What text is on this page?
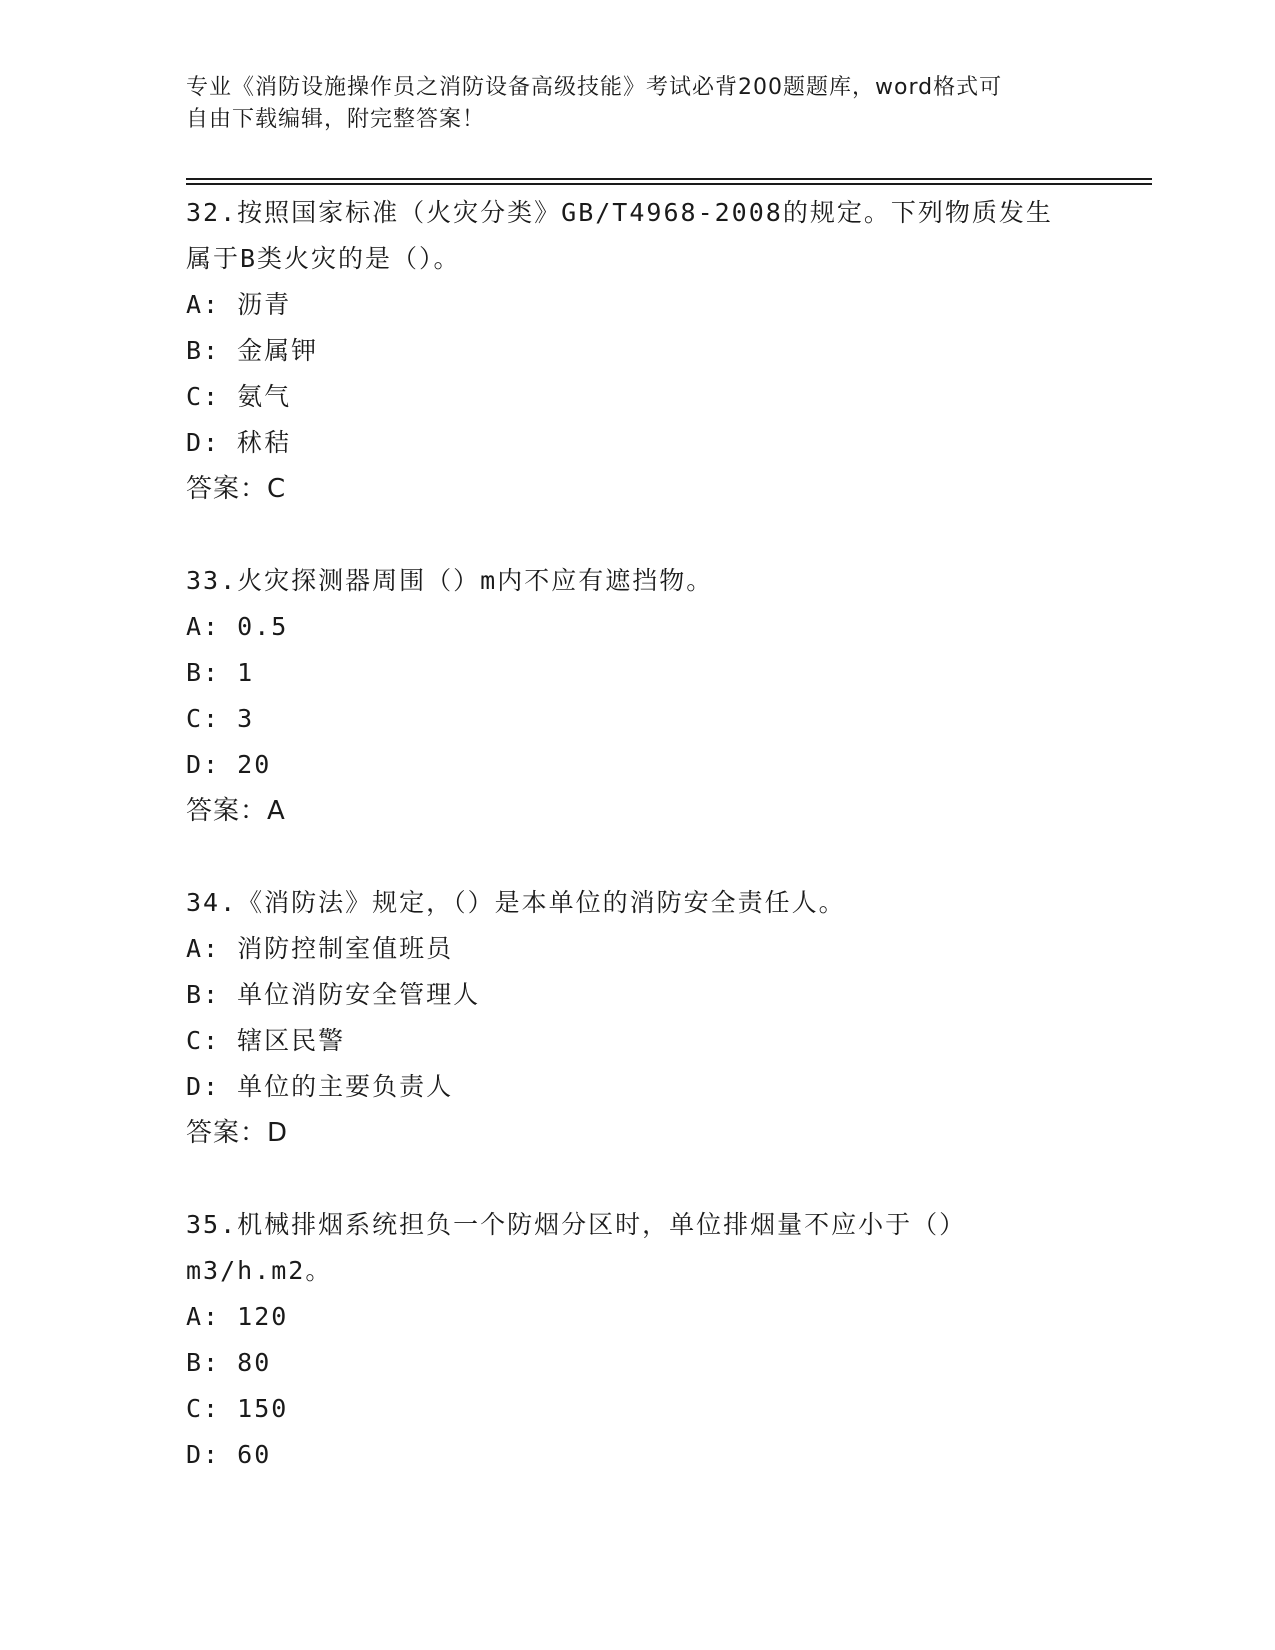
专业《消防设施操作员之消防设备高级技能》考试必背200题题库，word格式可
自由下载编辑，附完整答案！

32.按照国家标准（火灾分类》GB/T4968-2008的规定。下列物质发生
属于B类火灾的是（）。

A: 沥青

B: 金属钾

C: 氨气

D: 秫秸

答案：C

33.火灾探测器周围（）m内不应有遮挡物。

A: 0.5

B: 1

C: 3

D: 20

答案：A

34.《消防法》规定，（）是本单位的消防安全责任人。

A: 消防控制室值班员

B: 单位消防安全管理人

C: 辖区民警

D: 单位的主要负责人

答案：D

35.机械排烟系统担负一个防烟分区时，单位排烟量不应小于（）
m3/h.m2。

A: 120

B: 80

C: 150

D: 60
